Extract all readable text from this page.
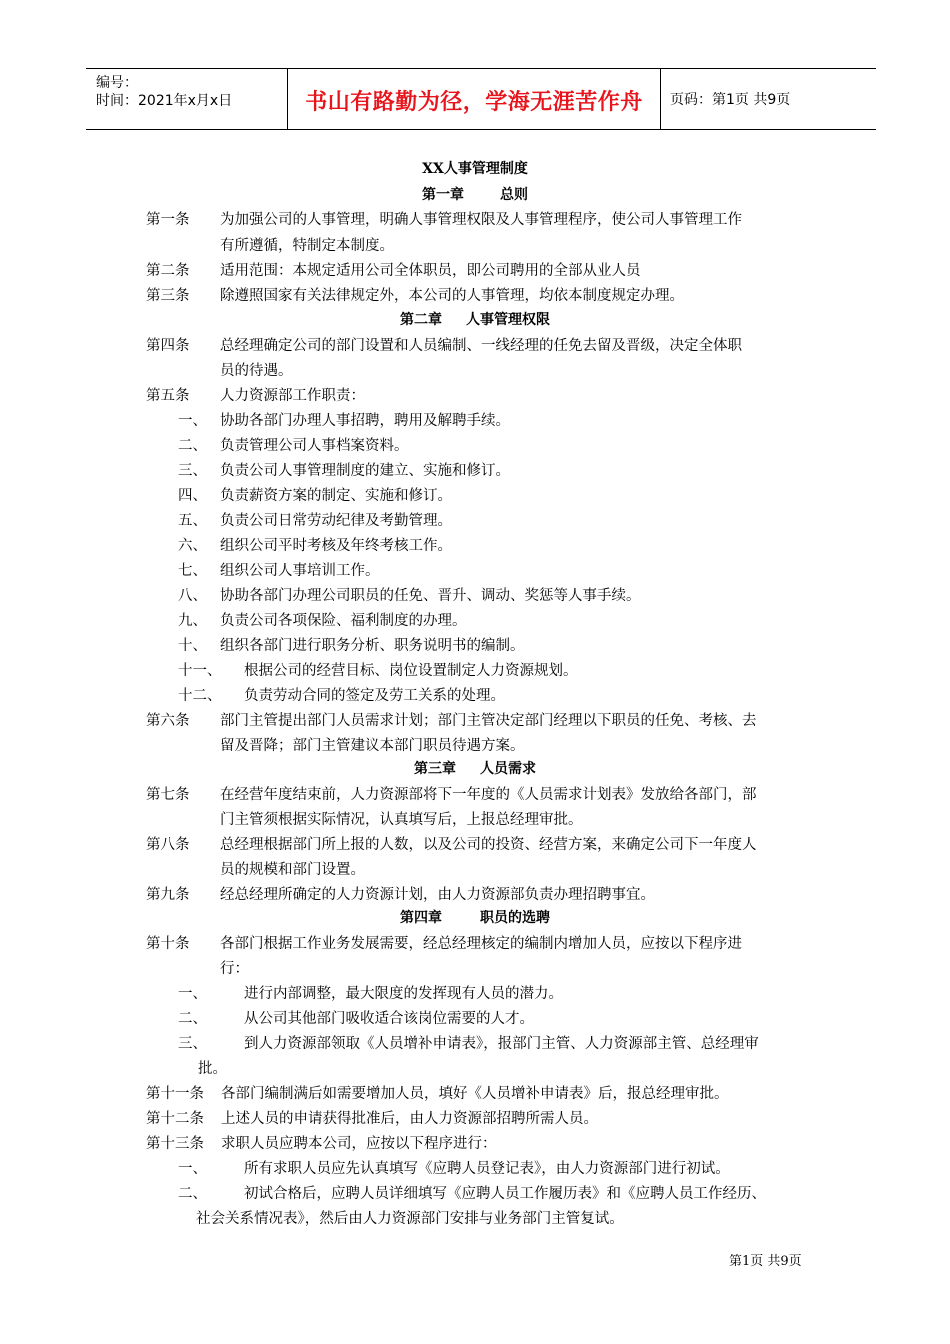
编号：
时间：2021年x月x日	书山有路勤为径，学海无涯苦作舟	页码：第1页 共9页
XX人事管理制度
第一章	总则
第一条 为加强公司的人事管理，明确人事管理权限及人事管理程序，使公司人事管理工作
有所遵循，特制定本制度。
第二条 适用范围：本规定适用公司全体职员，即公司聘用的全部从业人员
第三条 除遵照国家有关法律规定外，本公司的人事管理，均依本制度规定办理。
第二章 人事管理权限
第四条 总经理确定公司的部门设置和人员编制、一线经理的任免去留及晋级，决定全体职
员的待遇。
第五条 人力资源部工作职责：
一、 协助各部门办理人事招聘，聘用及解聘手续。
二、 负责管理公司人事档案资料。
三、 负责公司人事管理制度的建立、实施和修订。
四、 负责薪资方案的制定、实施和修订。
五、 负责公司日常劳动纪律及考勤管理。
六、 组织公司平时考核及年终考核工作。
七、 组织公司人事培训工作。
八、 协助各部门办理公司职员的任免、晋升、调动、奖惩等人事手续。
九、 负责公司各项保险、福利制度的办理。
十、 组织各部门进行职务分析、职务说明书的编制。
十一、 根据公司的经营目标、岗位设置制定人力资源规划。
十二、 负责劳动合同的签定及劳工关系的处理。
第六条 部门主管提出部门人员需求计划；部门主管决定部门经理以下职员的任免、考核、去
留及晋降；部门主管建议本部门职员待遇方案。
第三章 人员需求
第七条 在经营年度结束前，人力资源部将下一年度的《人员需求计划表》发放给各部门，部
门主管须根据实际情况，认真填写后，上报总经理审批。
第八条 总经理根据部门所上报的人数，以及公司的投资、经营方案，来确定公司下一年度人
员的规模和部门设置。
第九条 经总经理所确定的人力资源计划，由人力资源部负责办理招聘事宜。
第四章	职员的选聘
第十条 各部门根据工作业务发展需要，经总经理核定的编制内增加人员，应按以下程序进
行：
一、	进行内部调整，最大限度的发挥现有人员的潜力。
二、	从公司其他部门吸收适合该岗位需要的人才。
三、	到人力资源部领取《人员增补申请表》，报部门主管、人力资源部主管、总经理审
批。
第十一条 各部门编制满后如需要增加人员，填好《人员增补申请表》后，报总经理审批。
第十二条 上述人员的申请获得批准后，由人力资源部招聘所需人员。
第十三条 求职人员应聘本公司，应按以下程序进行：
一、	所有求职人员应先认真填写《应聘人员登记表》，由人力资源部门进行初试。
二、	初试合格后，应聘人员详细填写《应聘人员工作履历表》和《应聘人员工作经历、
社会关系情况表》，然后由人力资源部门安排与业务部门主管复试。
第1页 共9页
